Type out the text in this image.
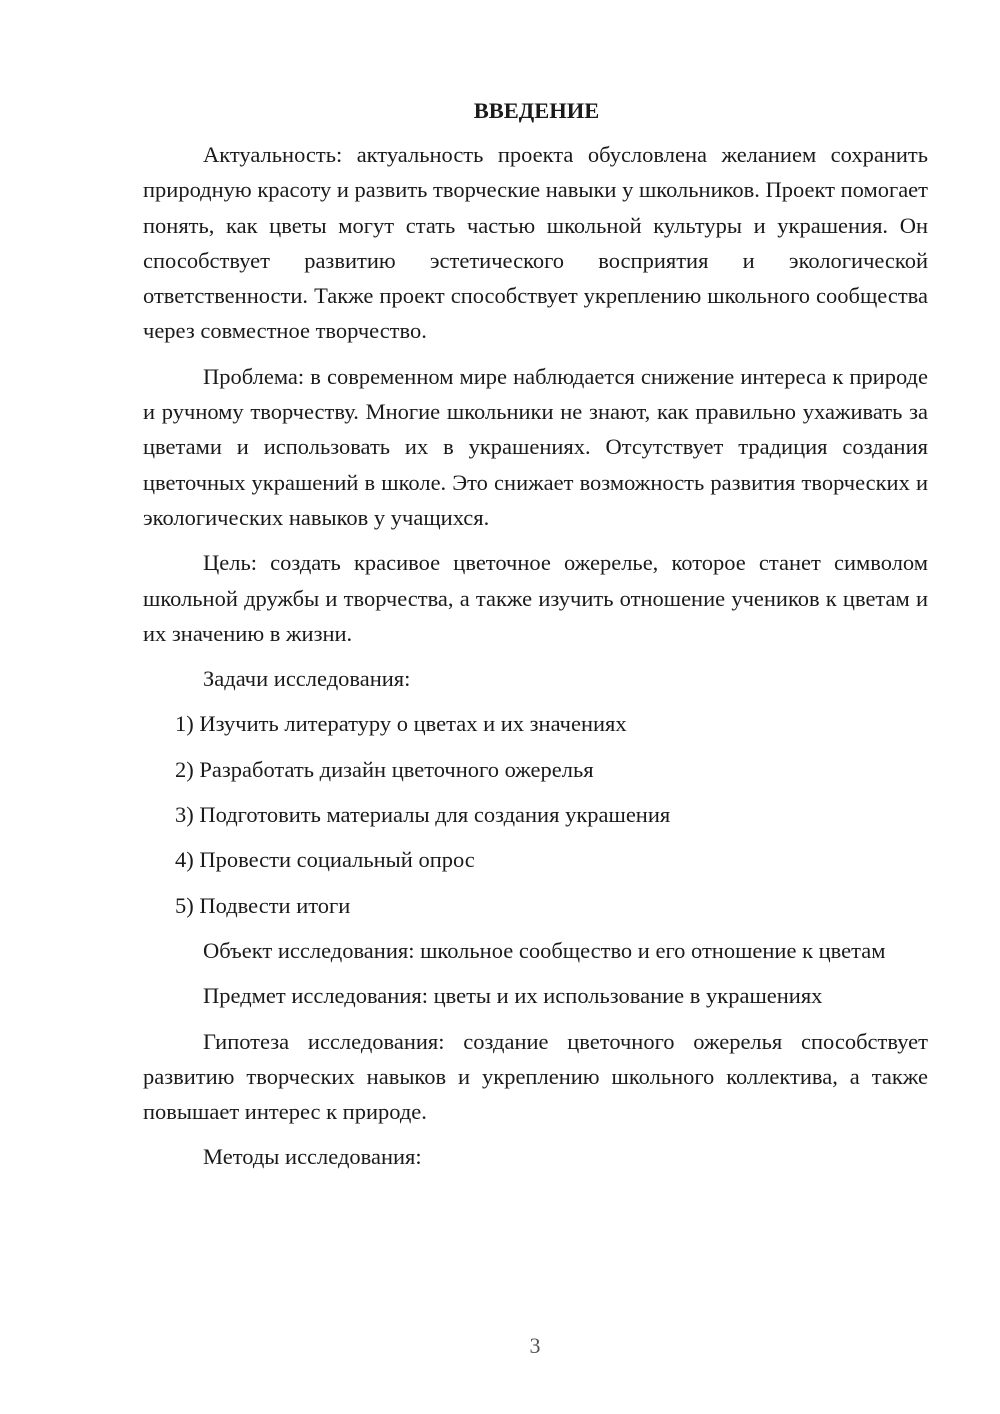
ВВЕДЕНИЕ

Актуальность: актуальность проекта обусловлена желанием сохранить природную красоту и развить творческие навыки у школьников. Проект помогает понять, как цветы могут стать частью школьной культуры и украшения. Он способствует развитию эстетического восприятия и экологической ответственности. Также проект способствует укреплению школьного сообщества через совместное творчество.

Проблема: в современном мире наблюдается снижение интереса к природе и ручному творчеству. Многие школьники не знают, как правильно ухаживать за цветами и использовать их в украшениях. Отсутствует традиция создания цветочных украшений в школе. Это снижает возможность развития творческих и экологических навыков у учащихся.

Цель: создать красивое цветочное ожерелье, которое станет символом школьной дружбы и творчества, а также изучить отношение учеников к цветам и их значению в жизни.

Задачи исследования:

1) Изучить литературу о цветах и их значениях
2) Разработать дизайн цветочного ожерелья
3) Подготовить материалы для создания украшения
4) Провести социальный опрос
5) Подвести итоги

Объект исследования: школьное сообщество и его отношение к цветам

Предмет исследования: цветы и их использование в украшениях

Гипотеза исследования: создание цветочного ожерелья способствует развитию творческих навыков и укреплению школьного коллектива, а также повышает интерес к природе.

Методы исследования:

3
